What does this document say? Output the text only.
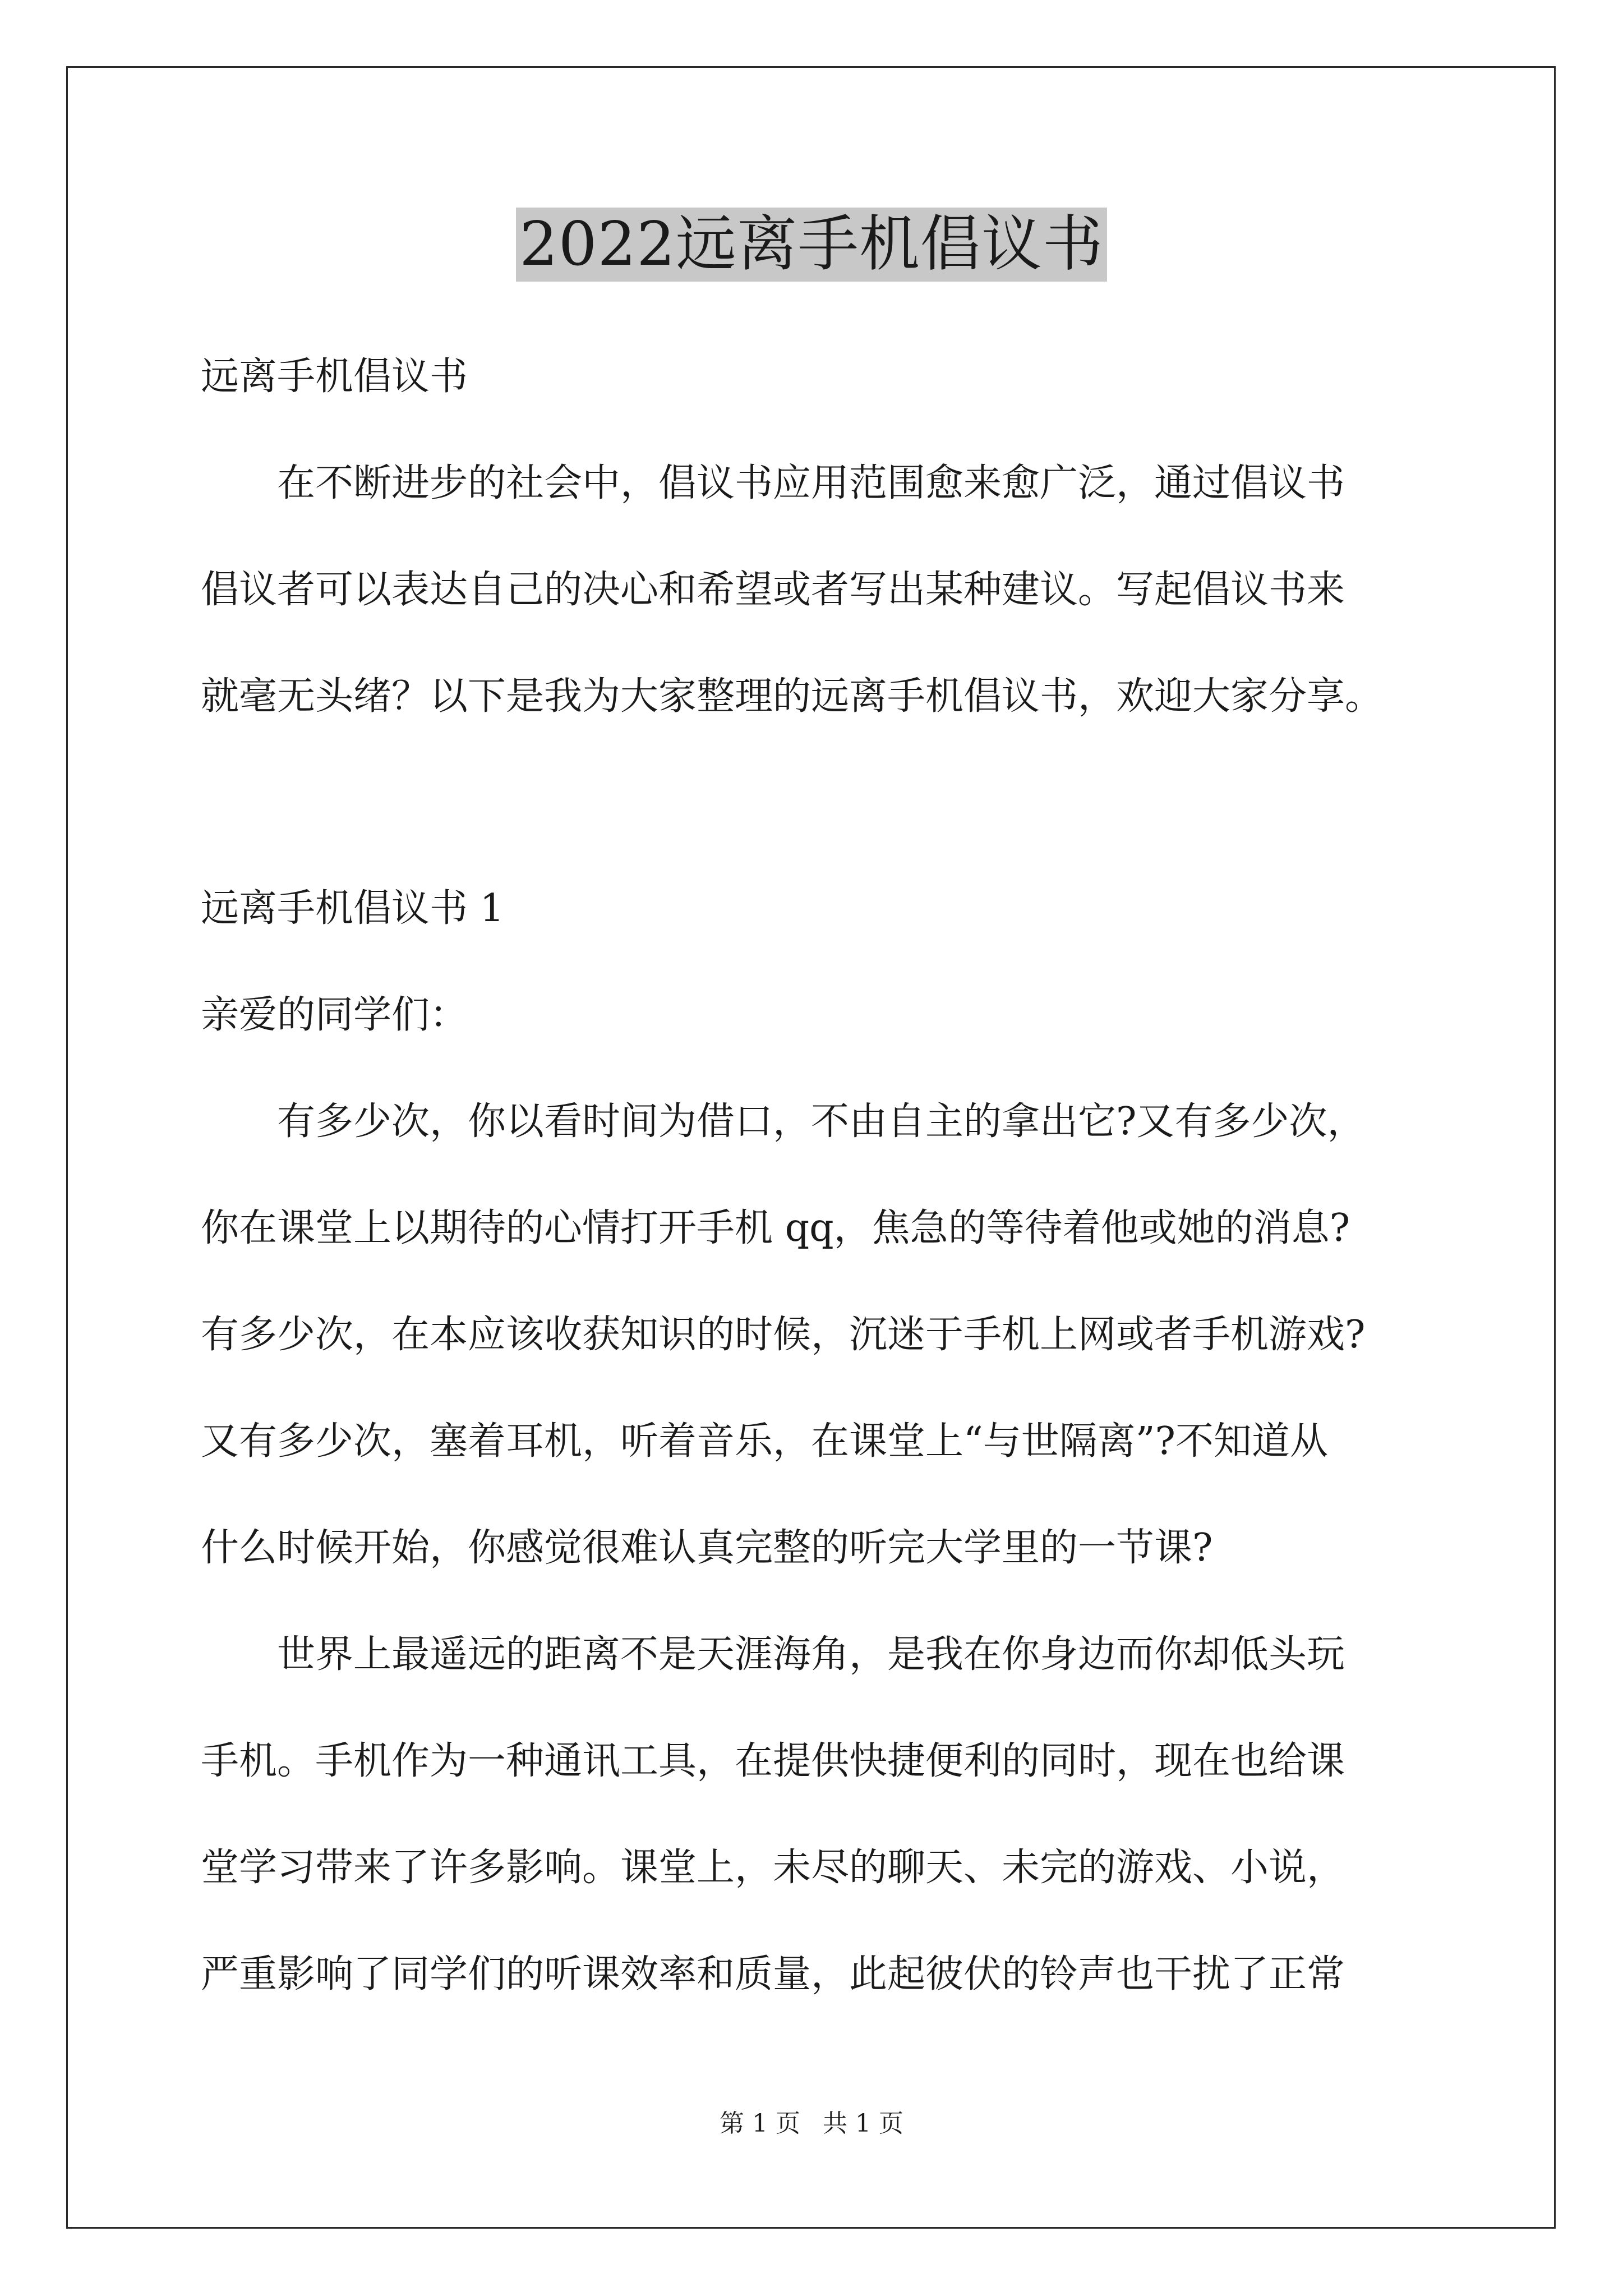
2022远离手机倡议书
远离手机倡议书
　　在不断进步的社会中，倡议书应用范围愈来愈广泛，通过倡议书
倡议者可以表达自己的决心和希望或者写出某种建议。写起倡议书来
就毫无头绪？以下是我为大家整理的远离手机倡议书，欢迎大家分享。
远离手机倡议书 1
亲爱的同学们：
　　有多少次，你以看时间为借口，不由自主的拿出它?又有多少次，
你在课堂上以期待的心情打开手机 qq，焦急的等待着他或她的消息?
有多少次，在本应该收获知识的时候，沉迷于手机上网或者手机游戏?
又有多少次，塞着耳机，听着音乐，在课堂上“与世隔离”?不知道从
什么时候开始，你感觉很难认真完整的听完大学里的一节课?
　　世界上最遥远的距离不是天涯海角，是我在你身边而你却低头玩
手机。手机作为一种通讯工具，在提供快捷便利的同时，现在也给课
堂学习带来了许多影响。课堂上，未尽的聊天、未完的游戏、小说，
严重影响了同学们的听课效率和质量，此起彼伏的铃声也干扰了正常
第 1 页 共 1 页
